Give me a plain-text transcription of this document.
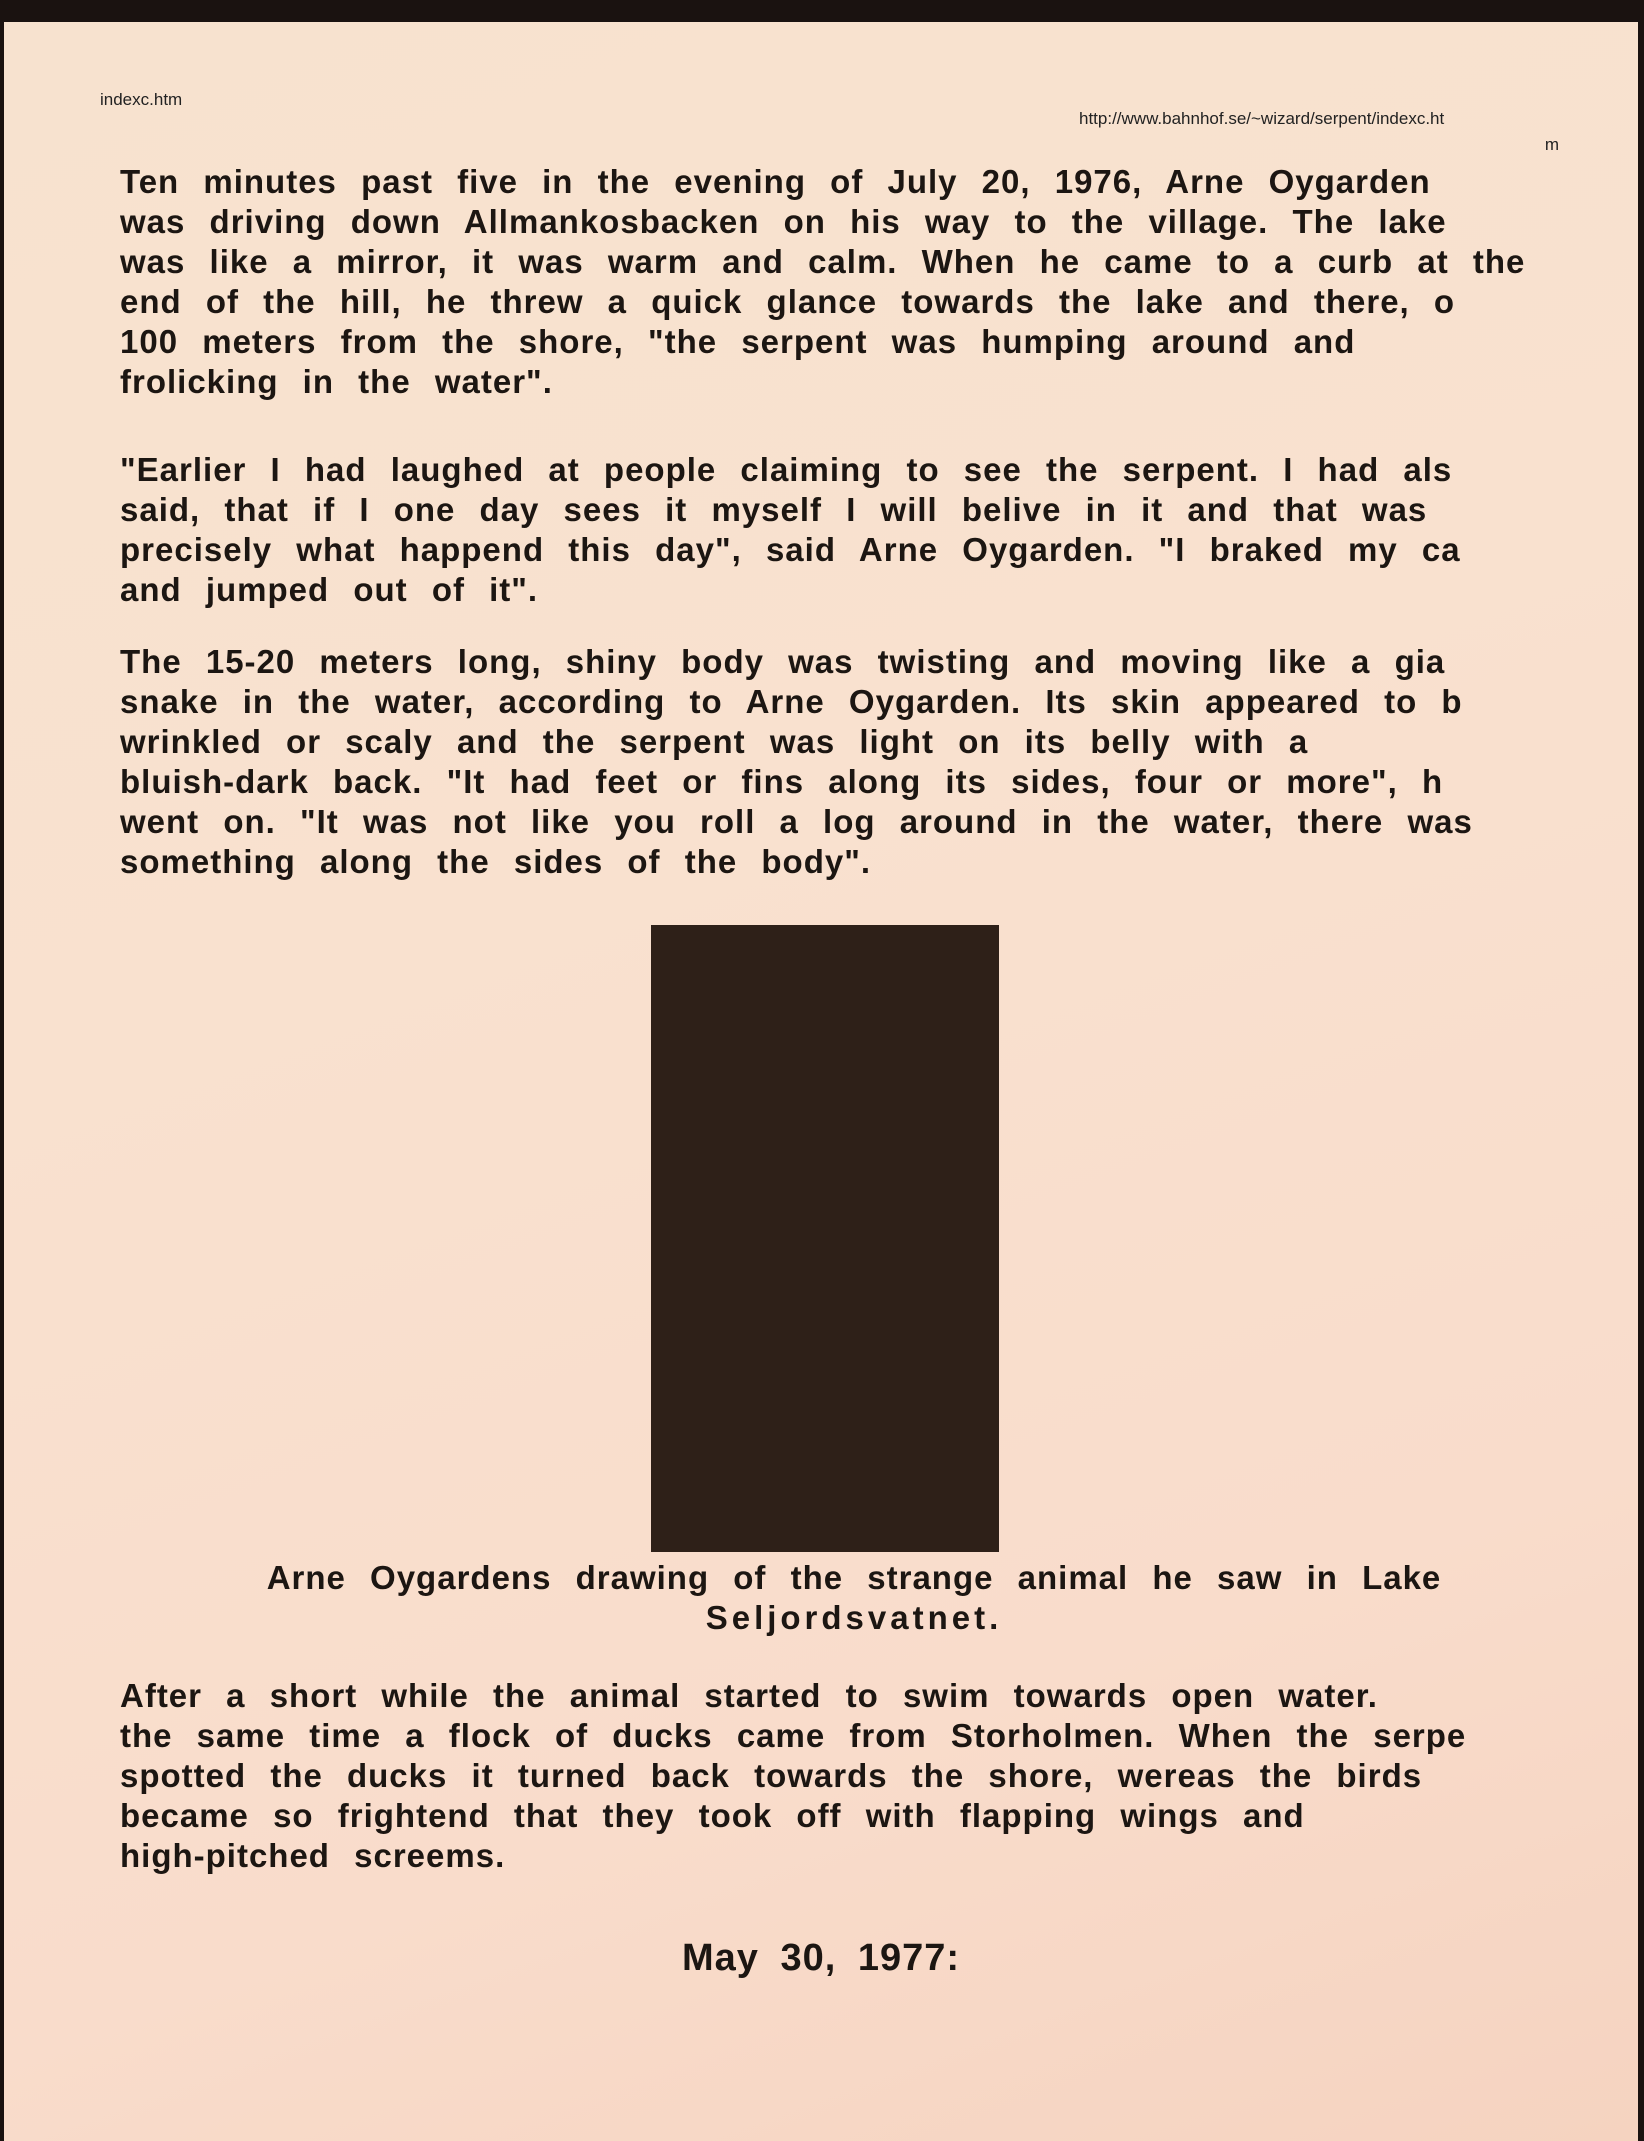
indexc.htm
http://www.bahnhof.se/~wizard/serpent/indexc.ht
m
Ten minutes past five in the evening of July 20, 1976, Arne Oygarden
was driving down Allmankosbacken on his way to the village. The lake
was like a mirror, it was warm and calm. When he came to a curb at the
end of the hill, he threw a quick glance towards the lake and there, o
100 meters from the shore, "the serpent was humping around and
frolicking in the water".
"Earlier I had laughed at people claiming to see the serpent. I had als
said, that if I one day sees it myself I will belive in it and that was
precisely what happend this day", said Arne Oygarden. "I braked my ca
and jumped out of it".
The 15-20 meters long, shiny body was twisting and moving like a gia
snake in the water, according to Arne Oygarden. Its skin appeared to b
wrinkled or scaly and the serpent was light on its belly with a
bluish-dark back. "It had feet or fins along its sides, four or more", h
went on. "It was not like you roll a log around in the water, there was
something along the sides of the body".
Arne Oygardens drawing of the strange animal he saw in Lake
Seljordsvatnet.
After a short while the animal started to swim towards open water.
the same time a flock of ducks came from Storholmen. When the serpe
spotted the ducks it turned back towards the shore, wereas the birds
became so frightend that they took off with flapping wings and
high-pitched screems.
May 30, 1977:
